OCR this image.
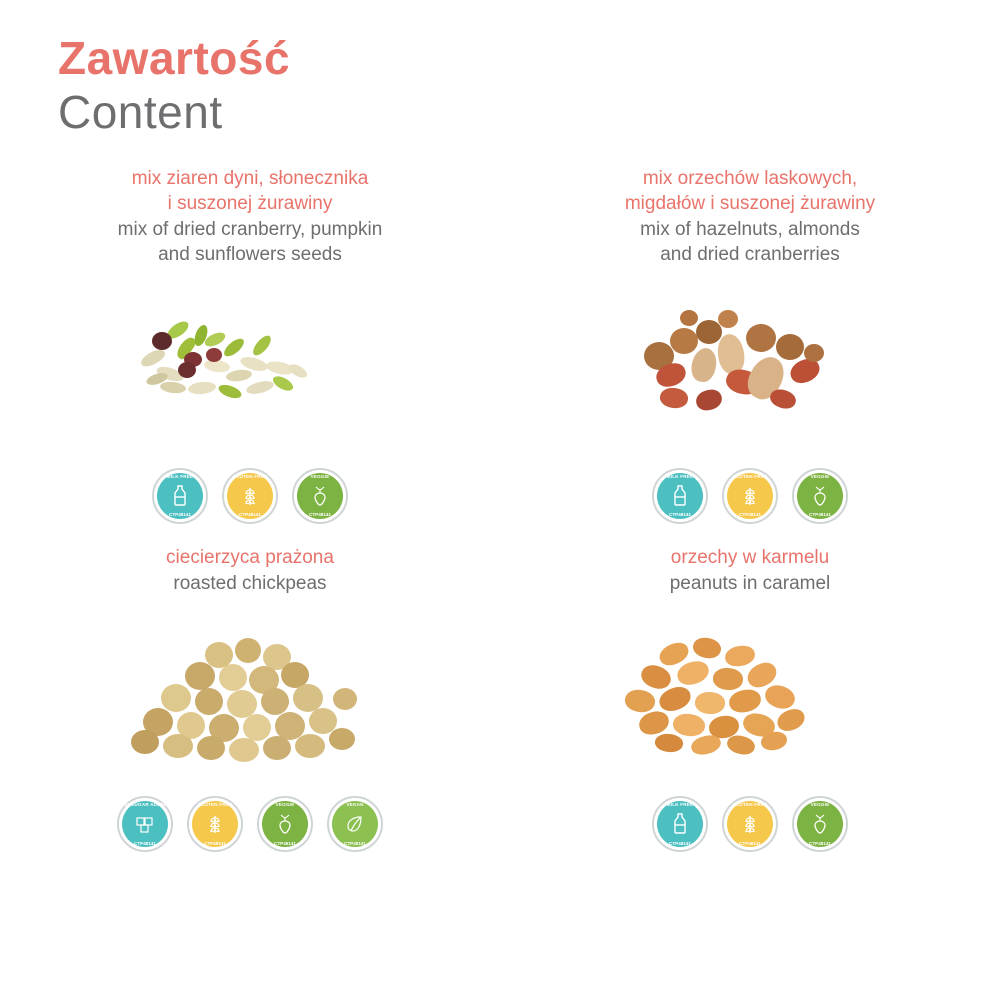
Zawartość
Content
mix ziaren dyni, słonecznika
i suszonej żurawiny
mix of dried cranberry, pumpkin
and sunflowers seeds
MILK FREE
CTP48141
GLUTEN FREE
CTP48141
VEGGIE
CTP48141
mix orzechów laskowych,
migdałów i suszonej żurawiny
mix of hazelnuts, almonds
and dried cranberries
MILK FREE
CTP48141
GLUTEN FREE
CTP48141
VEGGIE
CTP48141
ciecierzyca prażona
roasted chickpeas
NO SUGAR ADDED
CTP48141
GLUTEN FREE
CTP48141
VEGGIE
CTP48141
VEGAN
CTP48141
orzechy w karmelu
peanuts in caramel
MILK FREE
CTP48141
GLUTEN FREE
CTP48141
VEGGIE
CTP48141
